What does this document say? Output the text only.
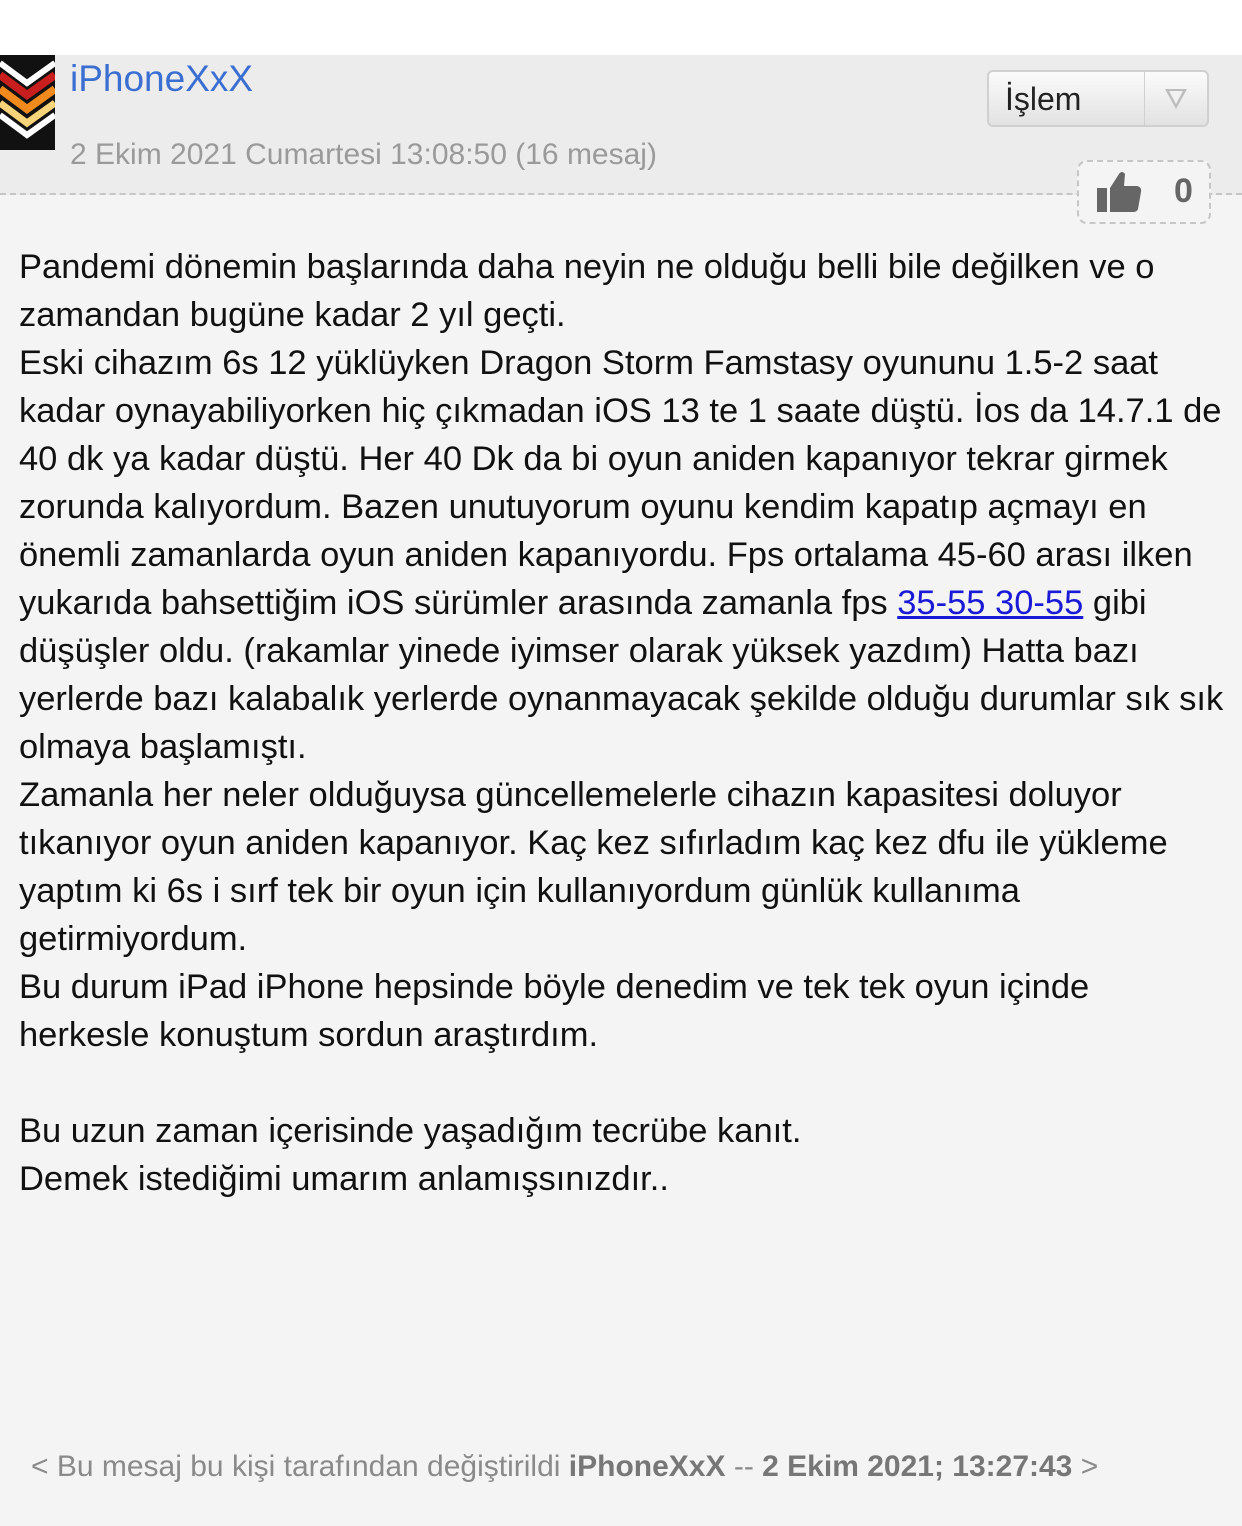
iPhoneXxX
2 Ekim 2021 Cumartesi 13:08:50 (16 mesaj)
İşlem
0

Pandemi dönemin başlarında daha neyin ne olduğu belli bile değilken ve o zamandan bugüne kadar 2 yıl geçti.

Eski cihazım 6s 12 yüklüyken Dragon Storm Famstasy oyununu 1.5-2 saat kadar oynayabiliyorken hiç çıkmadan iOS 13 te 1 saate düştü. İos da 14.7.1 de 40 dk ya kadar düştü. Her 40 Dk da bi oyun aniden kapanıyor tekrar girmek zorunda kalıyordum. Bazen unutuyorum oyunu kendim kapatıp açmayı en önemli zamanlarda oyun aniden kapanıyordu. Fps ortalama 45-60 arası ilken yukarıda bahsettiğim iOS sürümler arasında zamanla fps 35-55 30-55 gibi düşüşler oldu. (rakamlar yinede iyimser olarak yüksek yazdım) Hatta bazı yerlerde bazı kalabalık yerlerde oynanmayacak şekilde olduğu durumlar sık sık olmaya başlamıştı.

Zamanla her neler olduğuysa güncellemelerle cihazın kapasitesi doluyor tıkanıyor oyun aniden kapanıyor. Kaç kez sıfırladım kaç kez dfu ile yükleme yaptım ki 6s i sırf tek bir oyun için kullanıyordum günlük kullanıma getirmiyordum.

Bu durum iPad iPhone hepsinde böyle denedim ve tek tek oyun içinde herkesle konuştum sordun araştırdım.

Bu uzun zaman içerisinde yaşadığım tecrübe kanıt.

Demek istediğimi umarım anlamışsınızdır..

< Bu mesaj bu kişi tarafından değiştirildi iPhoneXxX -- 2 Ekim 2021; 13:27:43 >
